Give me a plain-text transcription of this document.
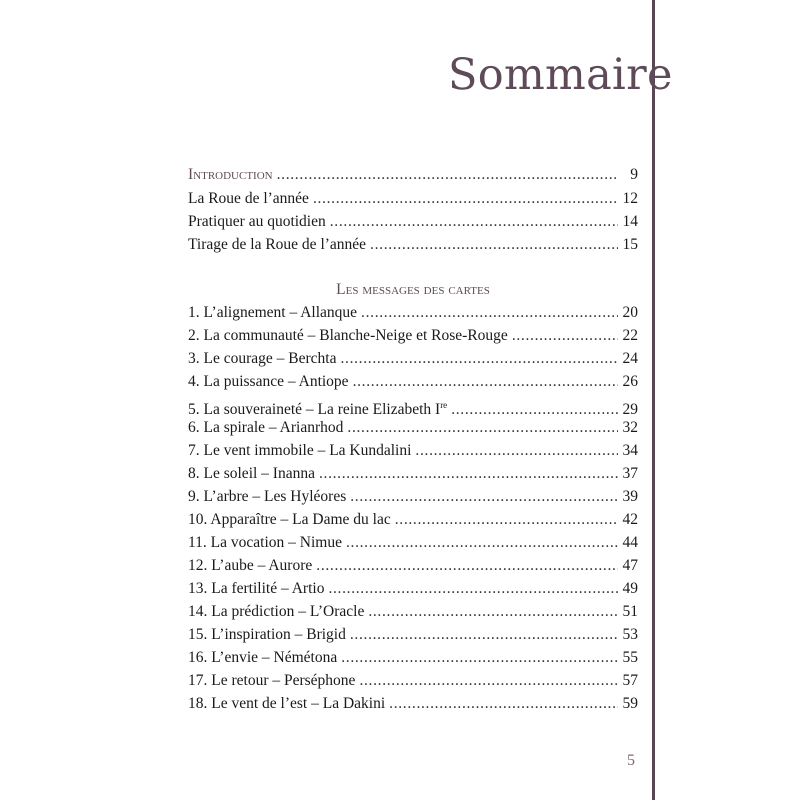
Sommaire
Introduction . . .	9
La Roue de l’année . . .	12
Pratiquer au quotidien . . .	14
Tirage de la Roue de l’année . . .	15
Les messages des cartes
1. L’alignement – Allanque . . .	20
2. La communauté – Blanche-Neige et Rose-Rouge . . .	22
3. Le courage – Berchta . . .	24
4. La puissance – Antiope . . .	26
5. La souveraineté – La reine Elizabeth Ire . . .	29
6. La spirale – Arianrhod . . .	32
7. Le vent immobile – La Kundalini . . .	34
8. Le soleil – Inanna . . .	37
9. L’arbre – Les Hyléores . . .	39
10. Apparaître – La Dame du lac . . .	42
11. La vocation – Nimue . . .	44
12. L’aube – Aurore . . .	47
13. La fertilité – Artio . . .	49
14. La prédiction – L’Oracle . . .	51
15. L’inspiration – Brigid . . .	53
16. L’envie – Némétona . . .	55
17. Le retour – Perséphone . . .	57
18. Le vent de l’est – La Dakini . . .	59
5
